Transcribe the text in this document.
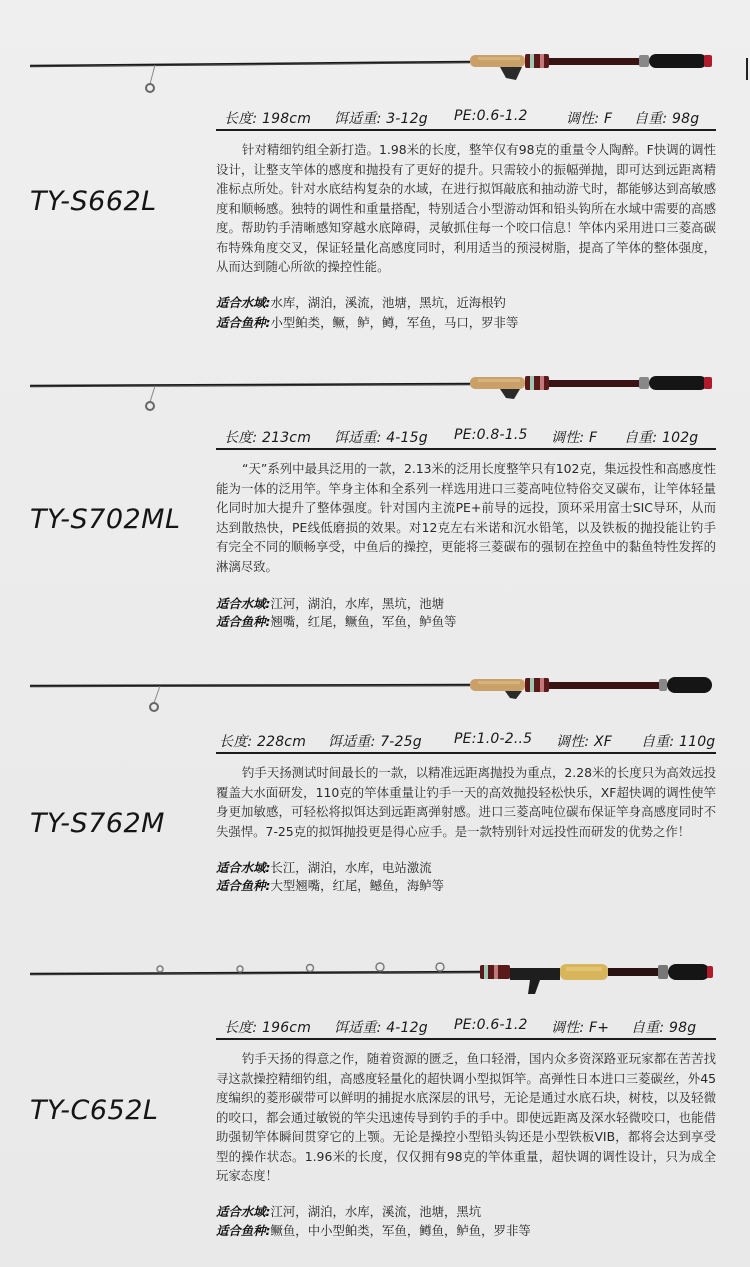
长度: 198cm 饵适重: 3-12g PE:0.6-1.2	调性: F 自重: 98g
TY-S662L
针对精细钓组全新打造。1.98米的长度，整竿仅有98克的重量令人陶醉。F快调的调性设计，让整支竿体的感度和抛投有了更好的提升。只需较小的振幅弹抛，即可达到远距离精准标点所处。针对水底结构复杂的水域，在进行拟饵敲底和抽动游弋时，都能够达到高敏感度和顺畅感。独特的调性和重量搭配，特别适合小型游动饵和铅头钩所在水域中需要的高感度。帮助钓手清晰感知穿越水底障碍，灵敏抓住每一个咬口信息！竿体内采用进口三菱高碳布特殊角度交叉，保证轻量化高感度同时，利用适当的预浸树脂，提高了竿体的整体强度，从而达到随心所欲的操控性能。
适合水域:水库，湖泊，溪流，池塘，黑坑，近海根钓
适合鱼种:小型鲌类，鳜，鲈，鳟，军鱼，马口，罗非等
长度: 213cm 饵适重: 4-15g PE:0.8-1.5 调性: F 自重: 102g
TY-S702ML
“天”系列中最具泛用的一款，2.13米的泛用长度整竿只有102克，集远投性和高感度性能为一体的泛用竿。竿身主体和全系列一样选用进口三菱高吨位特俗交叉碳布，让竿体轻量化同时加大提升了整体强度。针对国内主流PE+前导的远投，顶环采用富士SIC导环，从而达到散热快，PE线低磨损的效果。对12克左右米诺和沉水铅笔，以及铁板的抛投能让钓手有完全不同的顺畅享受，中鱼后的操控，更能将三菱碳布的强韧在控鱼中的黏鱼特性发挥的淋漓尽致。
适合水域:江河，湖泊，水库，黑坑，池塘
适合鱼种:翘嘴，红尾，鳜鱼，军鱼，鲈鱼等
长度: 228cm 饵适重: 7-25g PE:1.0-2..5 调性: XF 自重: 110g
TY-S762M
钓手天扬测试时间最长的一款，以精准远距离抛投为重点，2.28米的长度只为高效远投覆盖大水面研发，110克的竿体重量让钓手一天的高效抛投轻松快乐，XF超快调的调性使竿身更加敏感，可轻松将拟饵达到远距离弹射感。进口三菱高吨位碳布保证竿身高感度同时不失强悍。7-25克的拟饵抛投更是得心应手。是一款特别针对远投性而研发的优势之作！
适合水域:长江，湖泊，水库，电站激流
适合鱼种:大型翘嘴，红尾，鳡鱼，海鲈等
长度: 196cm 饵适重: 4-12g PE:0.6-1.2 调性: F+ 自重: 98g
TY-C652L
钓手天扬的得意之作，随着资源的匮乏，鱼口轻滑，国内众多资深路亚玩家都在苦苦找寻这款操控精细钓组，高感度轻量化的超快调小型拟饵竿。高弹性日本进口三菱碳丝，外45度编织的菱形碳带可以鲜明的捕捉水底深层的讯号，无论是通过水底石块，树枝，以及轻微的咬口，都会通过敏锐的竿尖迅速传导到钓手的手中。即使远距离及深水轻微咬口，也能借助强韧竿体瞬间贯穿它的上颚。无论是操控小型铅头钩还是小型铁板VIB，都将会达到享受型的操作状态。1.96米的长度，仅仅拥有98克的竿体重量，超快调的调性设计，只为成全玩家态度！
适合水域:江河，湖泊，水库，溪流，池塘，黑坑
适合鱼种:鳜鱼，中小型鲌类，军鱼，鳟鱼，鲈鱼，罗非等
